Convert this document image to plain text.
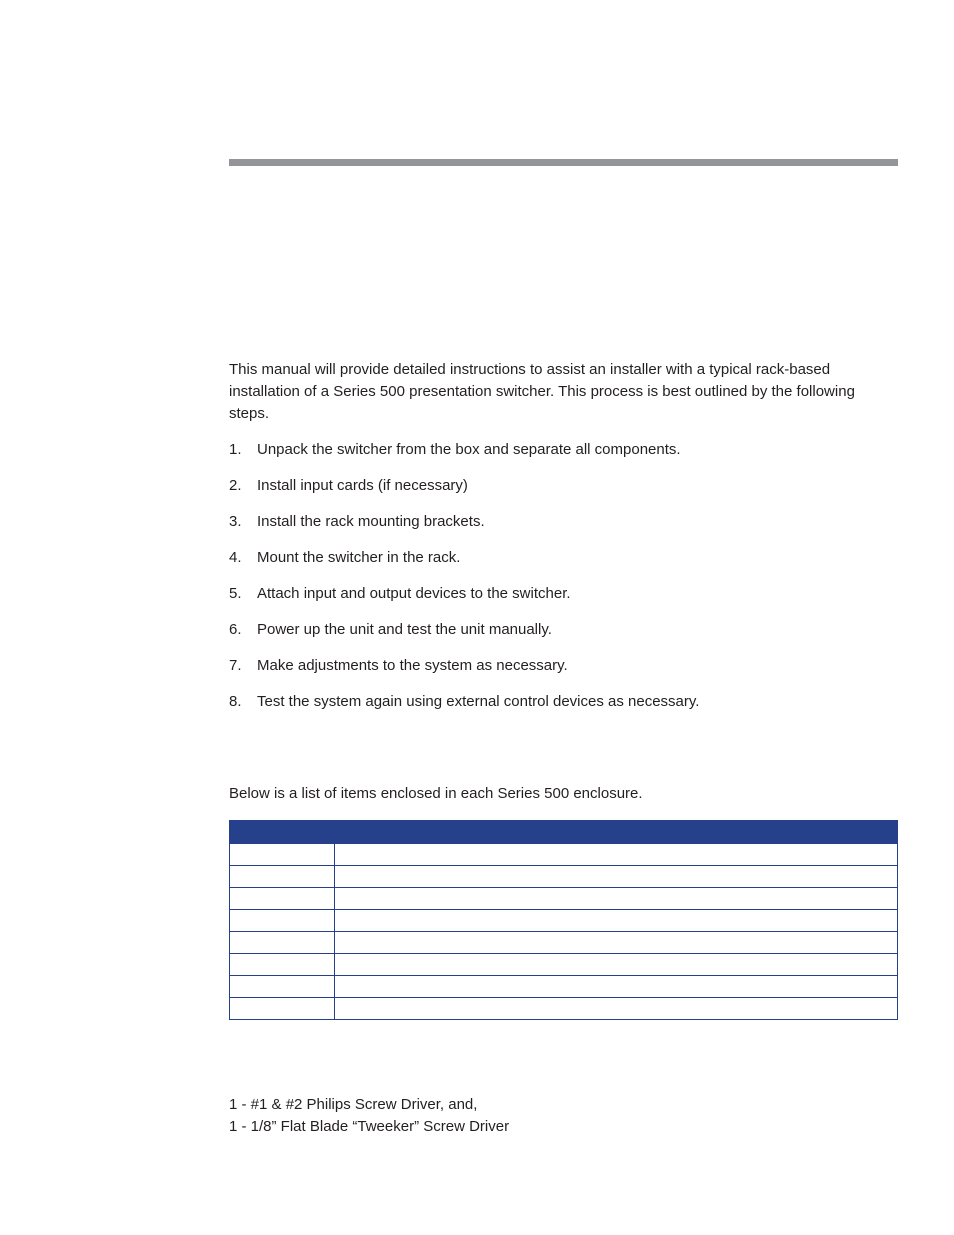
This manual will provide detailed instructions to assist an installer with a typical rack-based installation of a Series 500 presentation switcher. This process is best outlined by the following steps.

1.	Unpack the switcher from the box and separate all components.
2.	Install input cards (if necessary)
3.	Install the rack mounting brackets.
4.	Mount the switcher in the rack.
5.	Attach input and output devices to the switcher.
6.	Power up the unit and test the unit manually.
7.	Make adjustments to the system as necessary.
8.	Test the system again using external control devices as necessary.

Below is a list of items enclosed in each Series 500 enclosure.

1 - #1 & #2 Philips Screw Driver, and,
1 - 1/8” Flat Blade “Tweeker” Screw Driver
